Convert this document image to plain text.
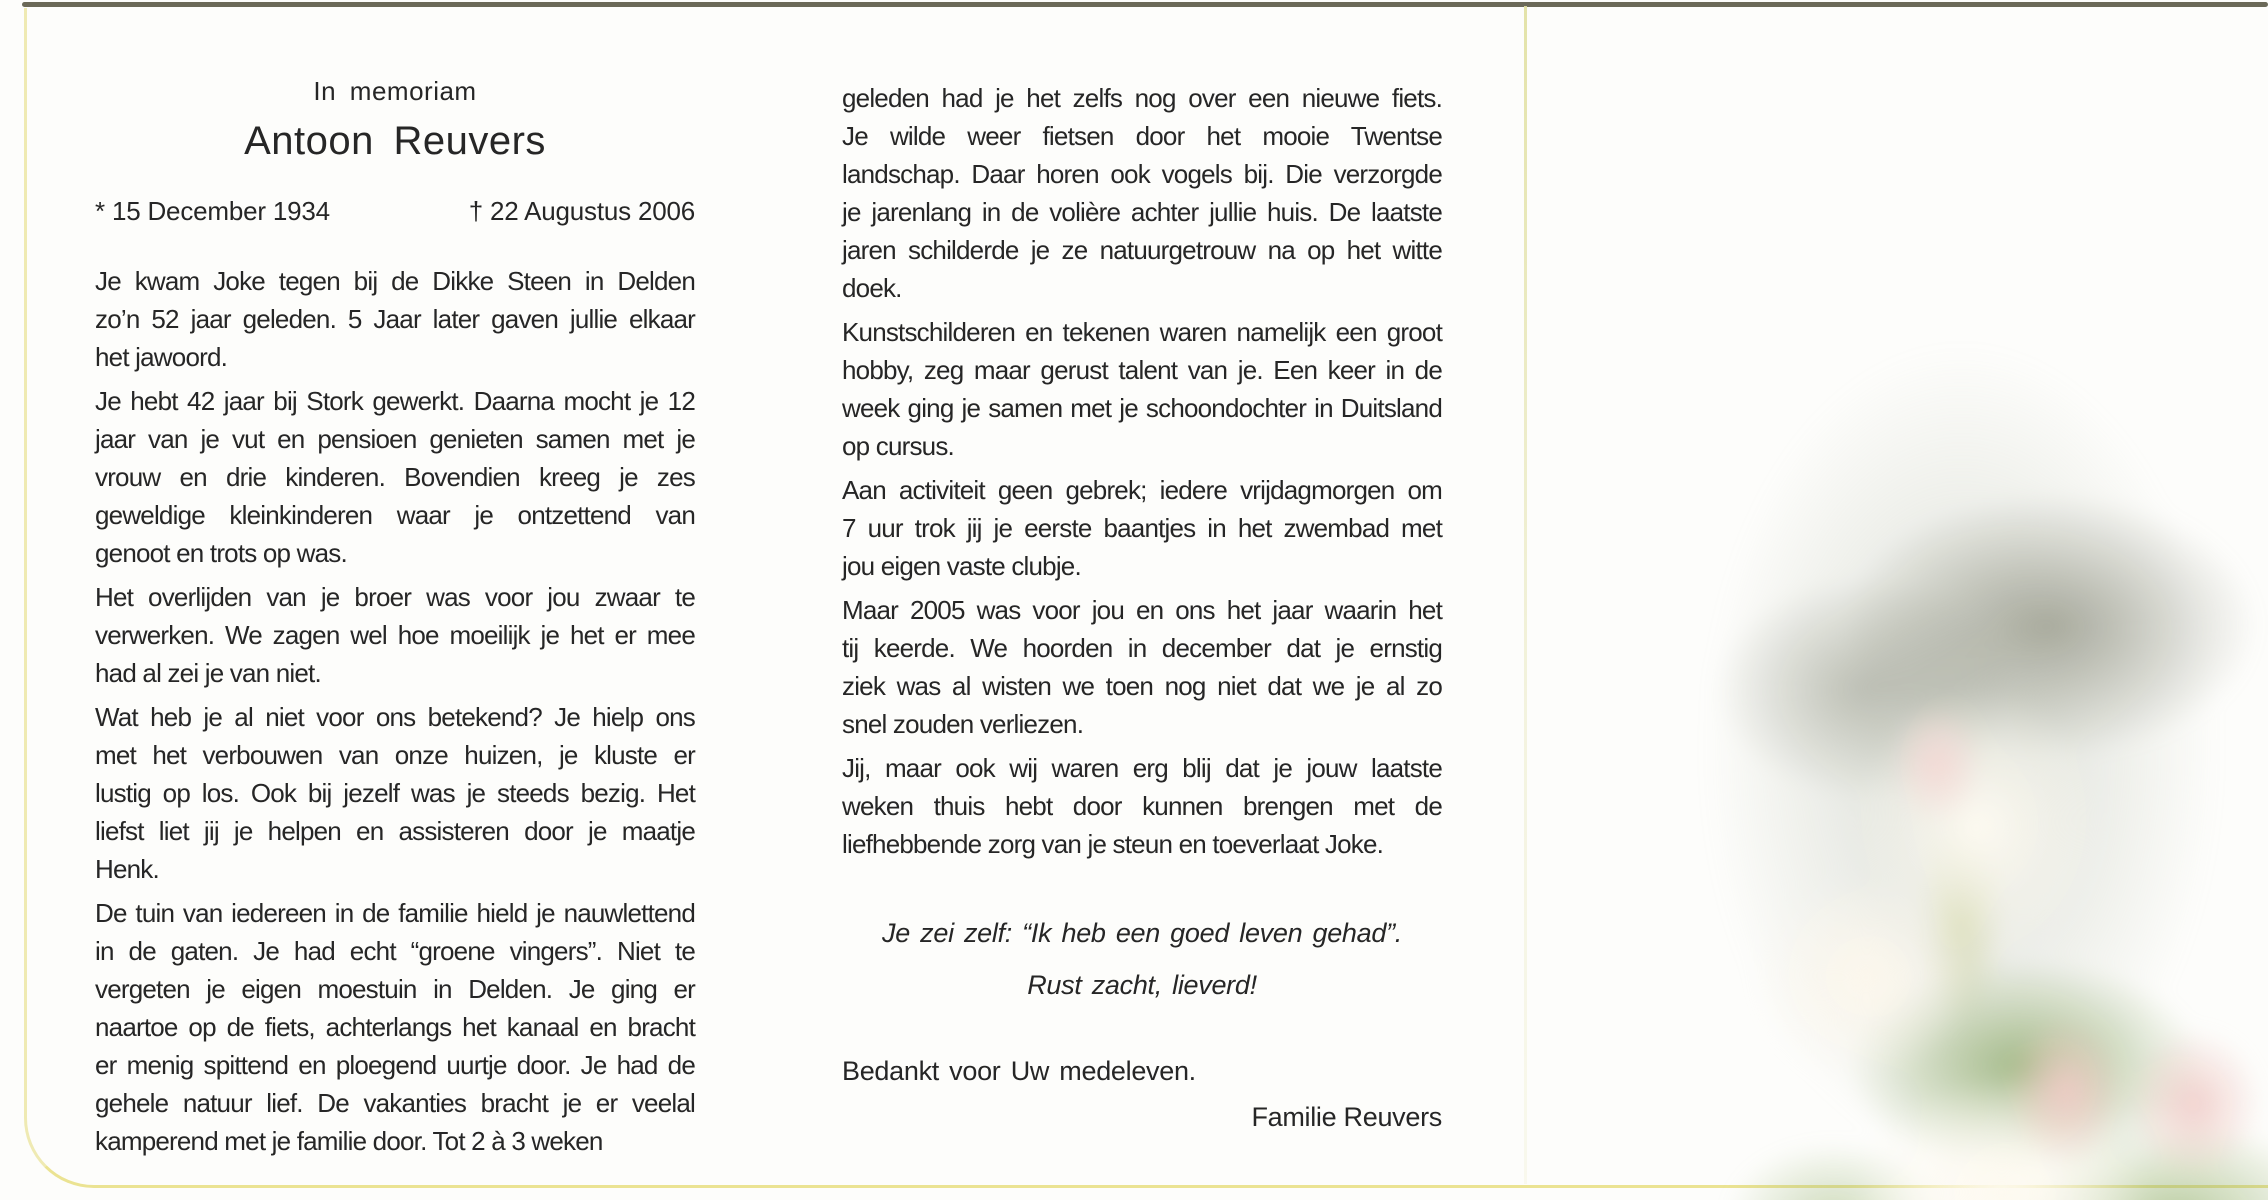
In memoriam
Antoon Reuvers
* 15 December 1934	† 22 Augustus 2006
Je kwam Joke tegen bij de Dikke Steen in Delden
zo’n 52 jaar geleden. 5 Jaar later gaven jullie elkaar
het jawoord.
Je hebt 42 jaar bij Stork gewerkt. Daarna mocht je 12
jaar van je vut en pensioen genieten samen met je
vrouw en drie kinderen. Bovendien kreeg je zes
geweldige kleinkinderen waar je ontzettend van
genoot en trots op was.
Het overlijden van je broer was voor jou zwaar te
verwerken. We zagen wel hoe moeilijk je het er mee
had al zei je van niet.
Wat heb je al niet voor ons betekend? Je hielp ons
met het verbouwen van onze huizen, je kluste er
lustig op los. Ook bij jezelf was je steeds bezig. Het
liefst liet jij je helpen en assisteren door je maatje
Henk.
De tuin van iedereen in de familie hield je nauwlettend
in de gaten. Je had echt “groene vingers”. Niet te
vergeten je eigen moestuin in Delden. Je ging er
naartoe op de fiets, achterlangs het kanaal en bracht
er menig spittend en ploegend uurtje door. Je had de
gehele natuur lief. De vakanties bracht je er veelal
kamperend met je familie door. Tot 2 à 3 weken
geleden had je het zelfs nog over een nieuwe fiets.
Je wilde weer fietsen door het mooie Twentse
landschap. Daar horen ook vogels bij. Die verzorgde
je jarenlang in de volière achter jullie huis. De laatste
jaren schilderde je ze natuurgetrouw na op het witte
doek.
Kunstschilderen en tekenen waren namelijk een groot
hobby, zeg maar gerust talent van je. Een keer in de
week ging je samen met je schoondochter in Duitsland
op cursus.
Aan activiteit geen gebrek; iedere vrijdagmorgen om
7 uur trok jij je eerste baantjes in het zwembad met
jou eigen vaste clubje.
Maar 2005 was voor jou en ons het jaar waarin het
tij keerde. We hoorden in december dat je ernstig
ziek was al wisten we toen nog niet dat we je al zo
snel zouden verliezen.
Jij, maar ook wij waren erg blij dat je jouw laatste
weken thuis hebt door kunnen brengen met de
liefhebbende zorg van je steun en toeverlaat Joke.
Je zei zelf: “Ik heb een goed leven gehad”.
Rust zacht, lieverd!
Bedankt voor Uw medeleven.
Familie Reuvers
